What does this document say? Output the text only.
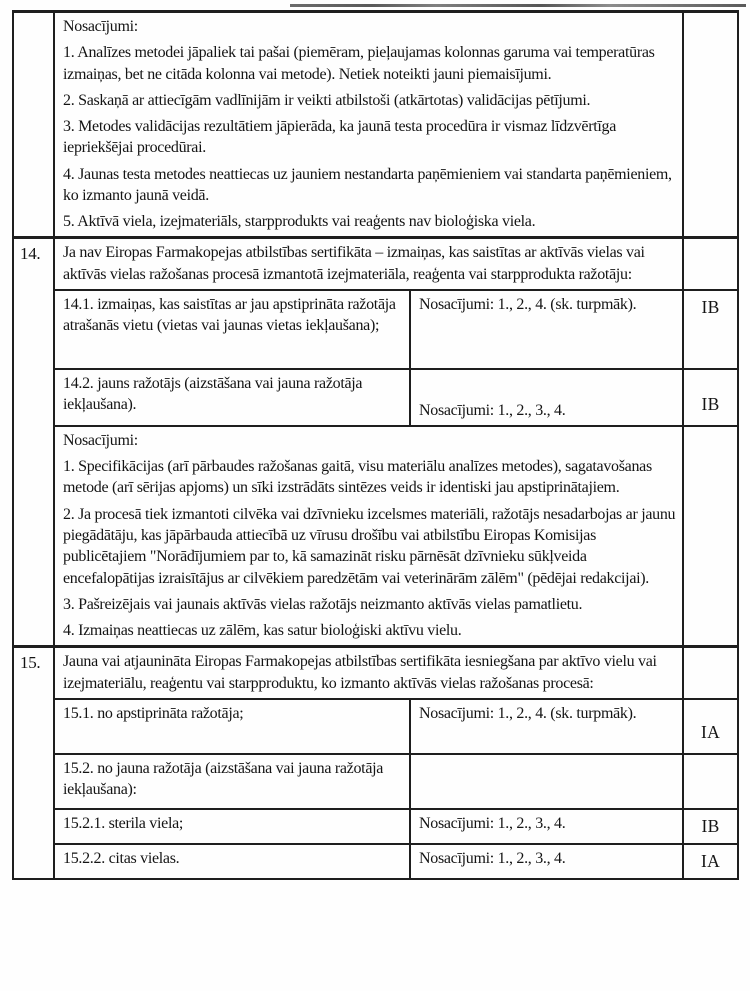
Nosacījumi:

1. Analīzes metodei jāpaliek tai pašai (piemēram, pieļaujamas kolonnas garuma vai temperatūras izmaiņas, bet ne citāda kolonna vai metode). Netiek noteikti jauni piemaisījumi.

2. Saskaņā ar attiecīgām vadlīnijām ir veikti atbilstoši (atkārtotas) validācijas pētījumi.

3. Metodes validācijas rezultātiem jāpierāda, ka jaunā testa procedūra ir vismaz līdzvērtīga iepriekšējai procedūrai.

4. Jaunas testa metodes neattiecas uz jauniem nestandarta paņēmieniem vai standarta paņēmieniem, ko izmanto jaunā veidā.

5. Aktīvā viela, izejmateriāls, starpprodukts vai reaģents nav bioloģiska viela.

14.	Ja nav Eiropas Farmakopejas atbilstības sertifikāta – izmaiņas, kas saistītas ar aktīvās vielas vai aktīvās vielas ražošanas procesā izmantotā izejmateriāla, reaģenta vai starpprodukta ražotāju:		

	14.1. izmaiņas, kas saistītas ar jau apstiprināta ražotāja atrašanās vietu (vietas vai jaunas vietas iekļaušana);	Nosacījumi: 1., 2., 4. (sk. turpmāk).	IB

	14.2. jauns ražotājs (aizstāšana vai jauna ražotāja iekļaušana).	Nosacījumi: 1., 2., 3., 4.	IB

	Nosacījumi:

1. Specifikācijas (arī pārbaudes ražošanas gaitā, visu materiālu analīzes metodes), sagatavošanas metode (arī sērijas apjoms) un sīki izstrādāts sintēzes veids ir identiski jau apstiprinātajiem.

2. Ja procesā tiek izmantoti cilvēka vai dzīvnieku izcelsmes materiāli, ražotājs nesadarbojas ar jaunu piegādātāju, kas jāpārbauda attiecībā uz vīrusu drošību vai atbilstību Eiropas Komisijas publicētajiem "Norādījumiem par to, kā samazināt risku pārnēsāt dzīvnieku sūkļveida encefalopātijas izraisītājus ar cilvēkiem paredzētām vai veterinārām zālēm" (pēdējai redakcijai).

3. Pašreizējais vai jaunais aktīvās vielas ražotājs neizmanto aktīvās vielas pamatlietu.

4. Izmaiņas neattiecas uz zālēm, kas satur bioloģiski aktīvu vielu.		

15.	Jauna vai atjaunināta Eiropas Farmakopejas atbilstības sertifikāta iesniegšana par aktīvo vielu vai izejmateriālu, reaģentu vai starpproduktu, ko izmanto aktīvās vielas ražošanas procesā:		

	15.1. no apstiprināta ražotāja;	Nosacījumi: 1., 2., 4. (sk. turpmāk).	IA

	15.2. no jauna ražotāja (aizstāšana vai jauna ražotāja iekļaušana):		

	15.2.1. sterila viela;	Nosacījumi: 1., 2., 3., 4.	IB

	15.2.2. citas vielas.	Nosacījumi: 1., 2., 3., 4.	IA
